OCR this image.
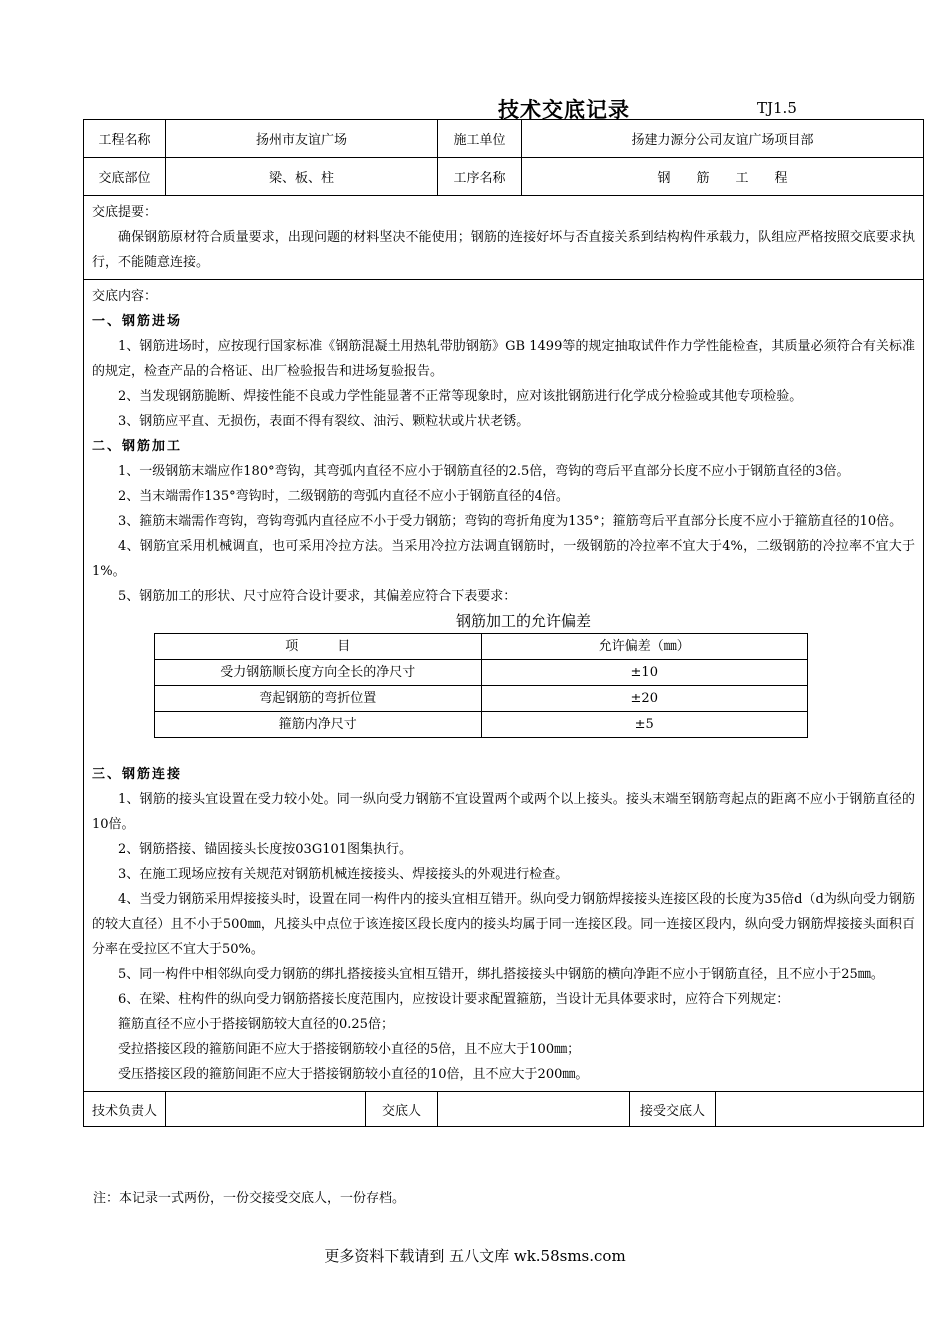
技术交底记录	TJ1.5
工程名称	扬州市友谊广场	施工单位	扬建力源分公司友谊广场项目部
交底部位	梁、板、柱	工序名称	钢　　筋　　工　　程

交底提要：

确保钢筋原材符合质量要求，出现问题的材料坚决不能使用；钢筋的连接好坏与否直接关系到结构构件承载力，队组应严格按照交底要求执行，不能随意连接。

交底内容：

一、钢筋进场

1、钢筋进场时，应按现行国家标准《钢筋混凝土用热轧带肋钢筋》GB 1499等的规定抽取试件作力学性能检查，其质量必须符合有关标准的规定，检查产品的合格证、出厂检验报告和进场复验报告。

2、当发现钢筋脆断、焊接性能不良或力学性能显著不正常等现象时，应对该批钢筋进行化学成分检验或其他专项检验。

3、钢筋应平直、无损伤，表面不得有裂纹、油污、颗粒状或片状老锈。

二、钢筋加工

1、一级钢筋末端应作180°弯钩，其弯弧内直径不应小于钢筋直径的2.5倍，弯钩的弯后平直部分长度不应小于钢筋直径的3倍。

2、当末端需作135°弯钩时，二级钢筋的弯弧内直径不应小于钢筋直径的4倍。

3、箍筋末端需作弯钩，弯钩弯弧内直径应不小于受力钢筋；弯钩的弯折角度为135°；箍筋弯后平直部分长度不应小于箍筋直径的10倍。

4、钢筋宜采用机械调直，也可采用冷拉方法。当采用冷拉方法调直钢筋时，一级钢筋的冷拉率不宜大于4%，二级钢筋的冷拉率不宜大于1%。

5、钢筋加工的形状、尺寸应符合设计要求，其偏差应符合下表要求：

钢筋加工的允许偏差

项　　　目	允许偏差（㎜）
受力钢筋顺长度方向全长的净尺寸	±10
弯起钢筋的弯折位置	±20
箍筋内净尺寸	±5

三、钢筋连接

1、钢筋的接头宜设置在受力较小处。同一纵向受力钢筋不宜设置两个或两个以上接头。接头末端至钢筋弯起点的距离不应小于钢筋直径的10倍。

2、钢筋搭接、锚固接头长度按03G101图集执行。

3、在施工现场应按有关规范对钢筋机械连接接头、焊接接头的外观进行检查。

4、当受力钢筋采用焊接接头时，设置在同一构件内的接头宜相互错开。纵向受力钢筋焊接接头连接区段的长度为35倍d（d为纵向受力钢筋的较大直径）且不小于500㎜，凡接头中点位于该连接区段长度内的接头均属于同一连接区段。同一连接区段内，纵向受力钢筋焊接接头面积百分率在受拉区不宜大于50%。

5、同一构件中相邻纵向受力钢筋的绑扎搭接接头宜相互错开，绑扎搭接接头中钢筋的横向净距不应小于钢筋直径，且不应小于25㎜。

6、在梁、柱构件的纵向受力钢筋搭接长度范围内，应按设计要求配置箍筋，当设计无具体要求时，应符合下列规定：

箍筋直径不应小于搭接钢筋较大直径的0.25倍；

受拉搭接区段的箍筋间距不应大于搭接钢筋较小直径的5倍，且不应大于100㎜；

受压搭接区段的箍筋间距不应大于搭接钢筋较小直径的10倍，且不应大于200㎜。

技术负责人		交底人		接受交底人	
注：本记录一式两份，一份交接受交底人，一份存档。
更多资料下载请到 五八文库 wk.58sms.com
